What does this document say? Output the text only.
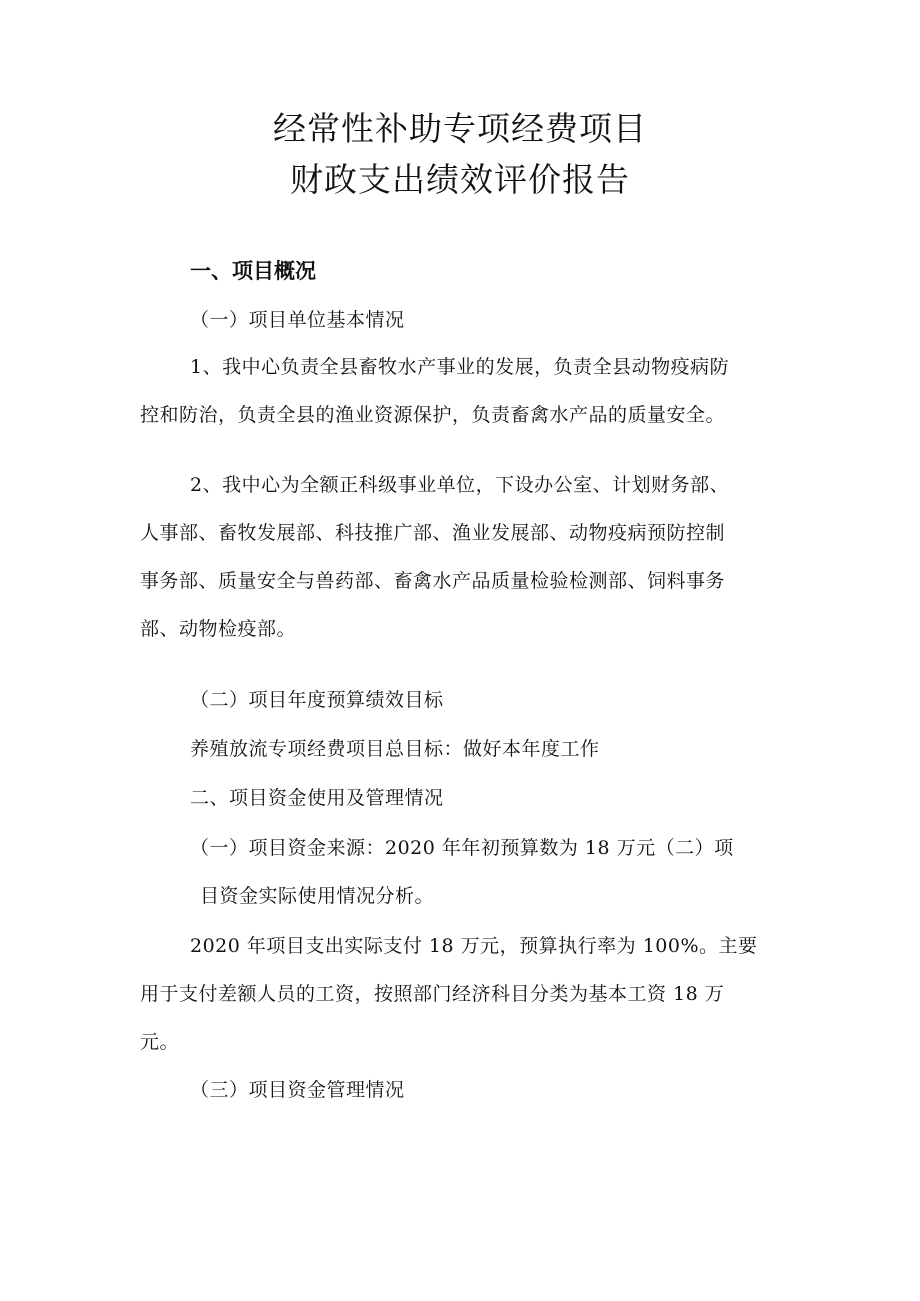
经常性补助专项经费项目
财政支出绩效评价报告
一、项目概况
（一）项目单位基本情况
1、我中心负责全县畜牧水产事业的发展，负责全县动物疫病防
控和防治，负责全县的渔业资源保护，负责畜禽水产品的质量安全。
2、我中心为全额正科级事业单位，下设办公室、计划财务部、
人事部、畜牧发展部、科技推广部、渔业发展部、动物疫病预防控制
事务部、质量安全与兽药部、畜禽水产品质量检验检测部、饲料事务
部、动物检疫部。
（二）项目年度预算绩效目标
养殖放流专项经费项目总目标：做好本年度工作
二、项目资金使用及管理情况
（一）项目资金来源：2020 年年初预算数为 18 万元（二）项
目资金实际使用情况分析。
2020 年项目支出实际支付 18 万元，预算执行率为 100%。主要
用于支付差额人员的工资，按照部门经济科目分类为基本工资 18 万
元。
（三）项目资金管理情况
